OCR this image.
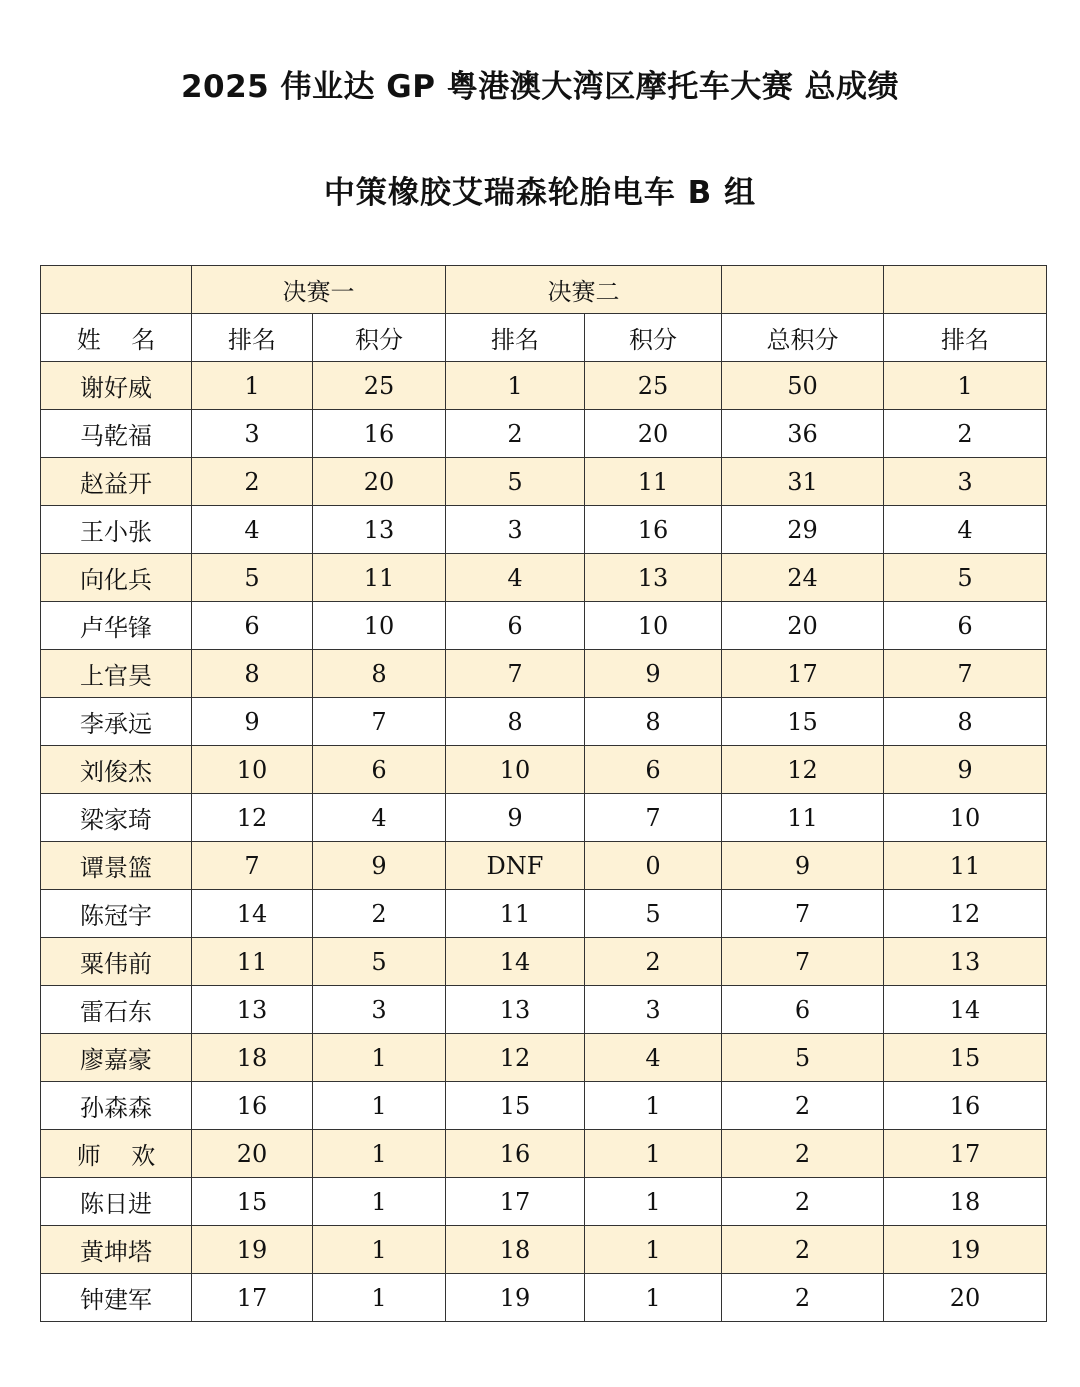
2025 伟业达 GP 粤港澳大湾区摩托车大赛 总成绩
中策橡胶艾瑞森轮胎电车 B 组
	决赛一		决赛二			
姓    名	排名	积分	排名	积分	总积分	排名
谢好威	1	25	1	25	50	1
马乾福	3	16	2	20	36	2
赵益开	2	20	5	11	31	3
王小张	4	13	3	16	29	4
向化兵	5	11	4	13	24	5
卢华锋	6	10	6	10	20	6
上官昊	8	8	7	9	17	7
李承远	9	7	8	8	15	8
刘俊杰	10	6	10	6	12	9
梁家琦	12	4	9	7	11	10
谭景篮	7	9	DNF	0	9	11
陈冠宇	14	2	11	5	7	12
粟伟前	11	5	14	2	7	13
雷石东	13	3	13	3	6	14
廖嘉豪	18	1	12	4	5	15
孙森森	16	1	15	1	2	16
师    欢	20	1	16	1	2	17
陈日进	15	1	17	1	2	18
黄坤塔	19	1	18	1	2	19
钟建军	17	1	19	1	2	20
